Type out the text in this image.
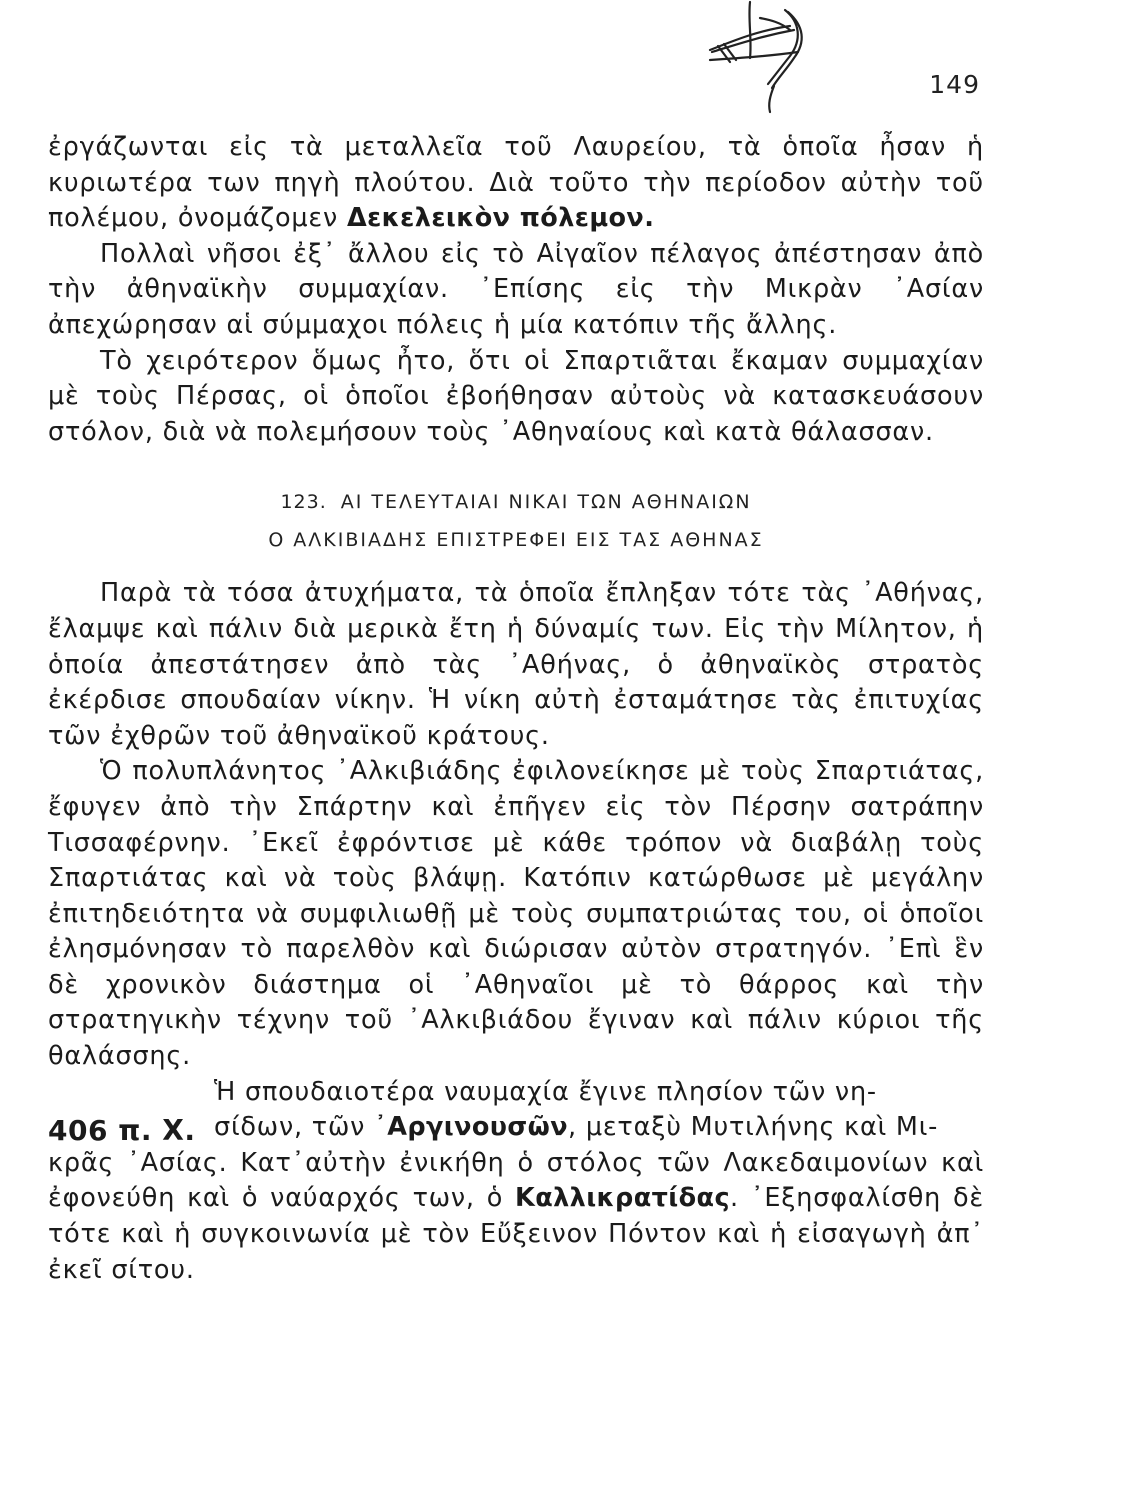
149

ἐργάζωνται εἰς τὰ μεταλλεῖα τοῦ Λαυρείου, τὰ ὁποῖα ἦσαν ἡ κυριωτέρα των πηγὴ πλούτου. Διὰ τοῦτο τὴν περίοδον αὐτὴν τοῦ πολέμου, ὀνομάζομεν Δεκελεικὸν πόλεμον.

Πολλαὶ νῆσοι ἐξ᾽ ἄλλου εἰς τὸ Αἰγαῖον πέλαγος ἀπέστησαν ἀπὸ τὴν ἀθηναϊκὴν συμμαχίαν. ᾿Επίσης εἰς τὴν Μικρὰν ᾿Ασίαν ἀπεχώρησαν αἱ σύμμαχοι πόλεις ἡ μία κατόπιν τῆς ἄλλης.

Τὸ χειρότερον ὅμως ἦτο, ὅτι οἱ Σπαρτιᾶται ἔκαμαν συμμαχίαν μὲ τοὺς Πέρσας, οἱ ὁποῖοι ἐβοήθησαν αὐτοὺς νὰ κατασκευάσουν στόλον, διὰ νὰ πολεμήσουν τοὺς ᾿Αθηναίους καὶ κατὰ θάλασσαν.

123. ΑΙ ΤΕΛΕΥΤΑΙΑΙ ΝΙΚΑΙ ΤΩΝ ΑΘΗΝΑΙΩΝ
Ο ΑΛΚΙΒΙΑΔΗΣ ΕΠΙΣΤΡΕΦΕΙ ΕΙΣ ΤΑΣ ΑΘΗΝΑΣ

Παρὰ τὰ τόσα ἀτυχήματα, τὰ ὁποῖα ἔπληξαν τότε τὰς ᾿Αθήνας, ἔλαμψε καὶ πάλιν διὰ μερικὰ ἔτη ἡ δύναμίς των. Εἰς τὴν Μίλητον, ἡ ὁποία ἀπεστάτησεν ἀπὸ τὰς ᾿Αθήνας, ὁ ἀθηναϊκὸς στρατὸς ἐκέρδισε σπουδαίαν νίκην. Ἡ νίκη αὐτὴ ἐσταμάτησε τὰς ἐπιτυχίας τῶν ἐχθρῶν τοῦ ἀθηναϊκοῦ κράτους.

Ὁ πολυπλάνητος ᾿Αλκιβιάδης ἐφιλονείκησε μὲ τοὺς Σπαρτιάτας, ἔφυγεν ἀπὸ τὴν Σπάρτην καὶ ἐπῆγεν εἰς τὸν Πέρσην σατράπην Τισσαφέρνην. ᾿Εκεῖ ἐφρόντισε μὲ κάθε τρόπον νὰ διαβάλῃ τοὺς Σπαρτιάτας καὶ νὰ τοὺς βλάψῃ. Κατόπιν κατώρθωσε μὲ μεγάλην ἐπιτηδειότητα νὰ συμφιλιωθῇ μὲ τοὺς συμπατριώτας του, οἱ ὁποῖοι ἐλησμόνησαν τὸ παρελθὸν καὶ διώρισαν αὐτὸν στρατηγόν. ᾿Επὶ ἓν δὲ χρονικὸν διάστημα οἱ ᾿Αθηναῖοι μὲ τὸ θάρρος καὶ τὴν στρατηγικὴν τέχνην τοῦ ᾿Αλκιβιάδου ἔγιναν καὶ πάλιν κύριοι τῆς θαλάσσης.

406 π. Χ.

Ἡ σπουδαιοτέρα ναυμαχία ἔγινε πλησίον τῶν νη-

σίδων, τῶν ᾿Αργινουσῶν, μεταξὺ Μυτιλήνης καὶ Μι-

κρᾶς ᾿Ασίας. Κατ᾽αὐτὴν ἐνικήθη ὁ στόλος τῶν Λακεδαιμονίων καὶ ἐφονεύθη καὶ ὁ ναύαρχός των, ὁ Καλλικρατίδας. ᾿Εξησφαλίσθη δὲ τότε καὶ ἡ συγκοινωνία μὲ τὸν Εὔξεινον Πόντον καὶ ἡ εἰσαγωγὴ ἀπ᾽ ἐκεῖ σίτου.
